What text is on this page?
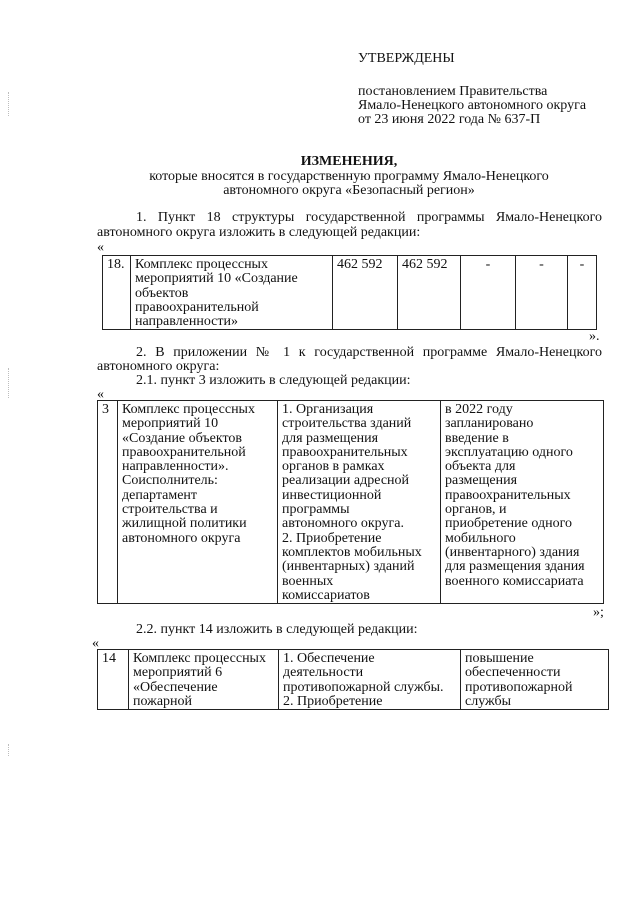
УТВЕРЖДЕНЫ
постановлением Правительства
Ямало-Ненецкого автономного округа
от 23 июня 2022 года № 637-П
ИЗМЕНЕНИЯ,
которые вносятся в государственную программу Ямало-Ненецкого
автономного округа «Безопасный регион»
1. Пункт 18 структуры государственной программы Ямало-Ненецкого
автономного округа изложить в следующей редакции:
«
18.	Комплекс процессных
мероприятий 10 «Создание
объектов
правоохранительной
направленности»	462 592	462 592	-	-	-
».
2. В приложении № 1 к государственной программе Ямало-Ненецкого
автономного округа:
2.1. пункт 3 изложить в следующей редакции:
«
3	Комплекс процессных
мероприятий 10
«Создание объектов
правоохранительной
направленности».
Соисполнитель:
департамент
строительства и
жилищной политики
автономного округа	1. Организация
строительства зданий
для размещения
правоохранительных
органов в рамках
реализации адресной
инвестиционной
программы
автономного округа.
2. Приобретение
комплектов мобильных
(инвентарных) зданий
военных
комиссариатов	в 2022 году
запланировано
введение в
эксплуатацию одного
объекта для
размещения
правоохранительных
органов, и
приобретение одного
мобильного
(инвентарного) здания
для размещения здания
военного комиссариата
»;
2.2. пункт 14 изложить в следующей редакции:
«
14	Комплекс процессных
мероприятий 6
«Обеспечение
пожарной	1. Обеспечение
деятельности
противопожарной службы.
2. Приобретение	повышение
обеспеченности
противопожарной
службы
